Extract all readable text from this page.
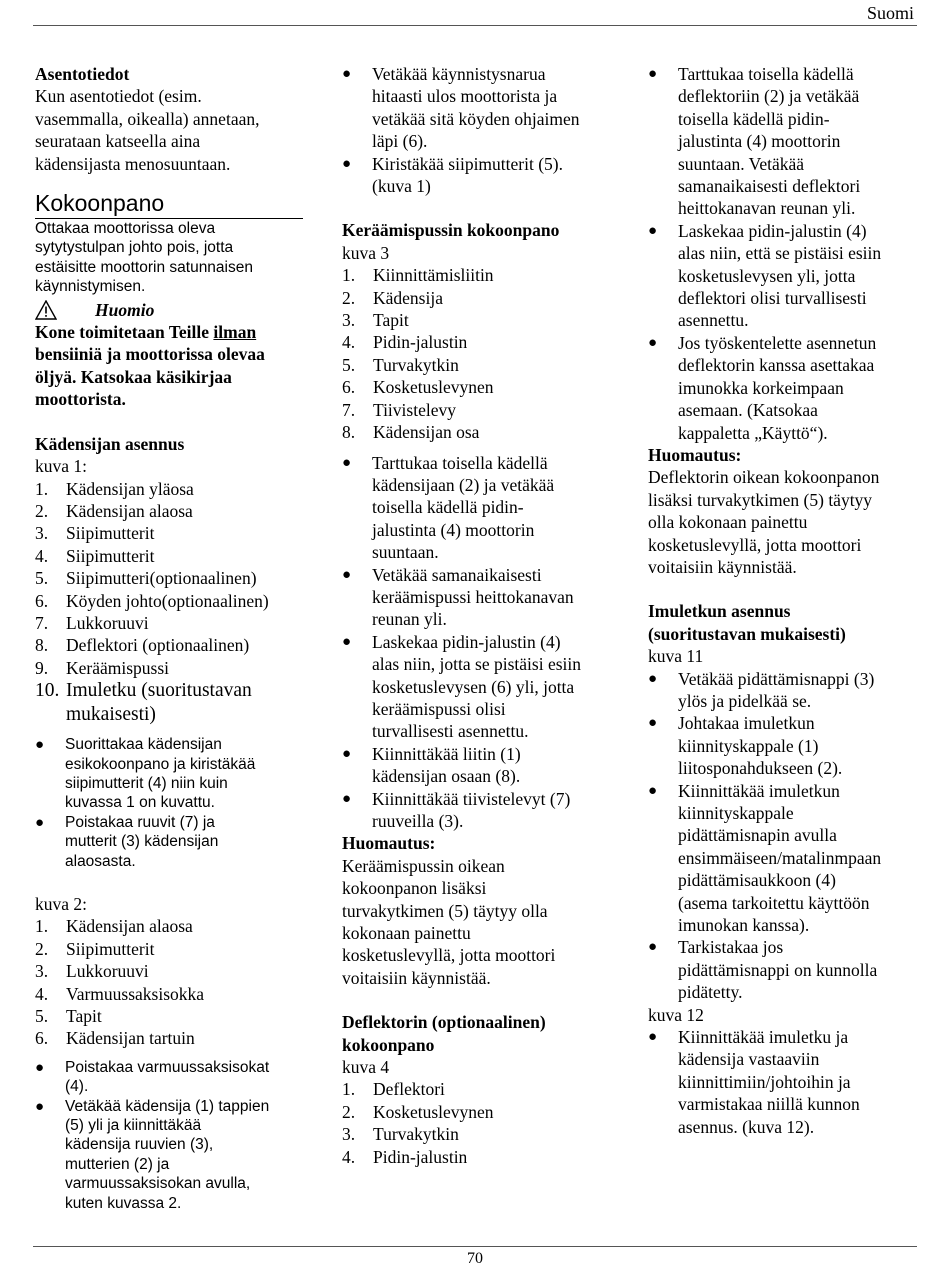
Suomi
Asentotiedot
Kun asentotiedot (esim.
vasemmalla, oikealla) annetaan,
seurataan katseella aina
kädensijasta menosuuntaan.
Kokoonpano
Ottakaa moottorissa oleva
sytytystulpan johto pois, jotta
estäisitte moottorin satunnaisen
käynnistymisen.
Huomio
Kone toimitetaan Teille ilman
bensiiniä ja moottorissa olevaa
öljyä. Katsokaa käsikirjaa
moottorista.
Kädensijan asennus
kuva 1:
1.	Kädensijan yläosa
2.	Kädensijan alaosa
3.	Siipimutterit
4.	Siipimutterit
5.	Siipimutteri(optionaalinen)
6.	Köyden johto(optionaalinen)
7.	Lukkoruuvi
8.	Deflektori (optionaalinen)
9.	Keräämispussi
10. Imuletku (suoritustavan mukaisesti)
●	Suorittakaa kädensijan
esikokoonpano ja kiristäkää
siipimutterit (4) niin kuin
kuvassa 1 on kuvattu.
●	Poistakaa ruuvit (7) ja
mutterit (3) kädensijan
alaosasta.
kuva 2:
1.	Kädensijan alaosa
2.	Siipimutterit
3.	Lukkoruuvi
4.	Varmuussaksisokka
5.	Tapit
6.	Kädensijan tartuin
●	Poistakaa varmuussaksisokat
(4).
●	Vetäkää kädensija (1) tappien
(5) yli ja kiinnittäkää
kädensija ruuvien (3),
mutterien (2) ja
varmuussaksisokan avulla,
kuten kuvassa 2.
●	Vetäkää käynnistysnarua
hitaasti ulos moottorista ja
vetäkää sitä köyden ohjaimen
läpi (6).
●	Kiristäkää siipimutterit (5).
(kuva 1)
Keräämispussin kokoonpano
kuva 3
1.	Kiinnittämisliitin
2.	Kädensija
3.	Tapit
4.	Pidin-jalustin
5.	Turvakytkin
6.	Kosketuslevynen
7.	Tiivistelevy
8.	Kädensijan osa
●	Tarttukaa toisella kädellä
kädensijaan (2) ja vetäkää
toisella kädellä pidin-
jalustinta (4) moottorin
suuntaan.
●	Vetäkää samanaikaisesti
keräämispussi heittokanavan
reunan yli.
●	Laskekaa pidin-jalustin (4)
alas niin, jotta se pistäisi esiin
kosketuslevysen (6) yli, jotta
keräämispussi olisi
turvallisesti asennettu.
●	Kiinnittäkää liitin (1)
kädensijan osaan (8).
●	Kiinnittäkää tiivistelevyt (7)
ruuveilla (3).
Huomautus:
Keräämispussin oikean
kokoonpanon lisäksi
turvakytkimen (5) täytyy olla
kokonaan painettu
kosketuslevyllä, jotta moottori
voitaisiin käynnistää.
Deflektorin (optionaalinen)
kokoonpano
kuva 4
1.	Deflektori
2.	Kosketuslevynen
3.	Turvakytkin
4.	Pidin-jalustin
●	Tarttukaa toisella kädellä
deflektoriin (2) ja vetäkää
toisella kädellä pidin-
jalustinta (4) moottorin
suuntaan. Vetäkää
samanaikaisesti deflektori
heittokanavan reunan yli.
●	Laskekaa pidin-jalustin (4)
alas niin, että se pistäisi esiin
kosketuslevysen yli, jotta
deflektori olisi turvallisesti
asennettu.
●	Jos työskentelette asennetun
deflektorin kanssa asettakaa
imunokka korkeimpaan
asemaan. (Katsokaa
kappaletta „Käyttö“).
Huomautus:
Deflektorin oikean kokoonpanon
lisäksi turvakytkimen (5) täytyy
olla kokonaan painettu
kosketuslevyllä, jotta moottori
voitaisiin käynnistää.
Imuletkun asennus
(suoritustavan mukaisesti)
kuva 11
●	Vetäkää pidättämisnappi (3)
ylös ja pidelkää se.
●	Johtakaa imuletkun
kiinnityskappale (1)
liitosponahdukseen (2).
●	Kiinnittäkää imuletkun
kiinnityskappale
pidättämisnapin avulla
ensimmäiseen/matalinmpaan
pidättämisaukkoon (4)
(asema tarkoitettu käyttöön
imunokan kanssa).
●	Tarkistakaa jos
pidättämisnappi on kunnolla
pidätetty.
kuva 12
●	Kiinnittäkää imuletku ja
kädensija vastaaviin
kiinnittimiin/johtoihin ja
varmistakaa niillä kunnon
asennus. (kuva 12).
70
